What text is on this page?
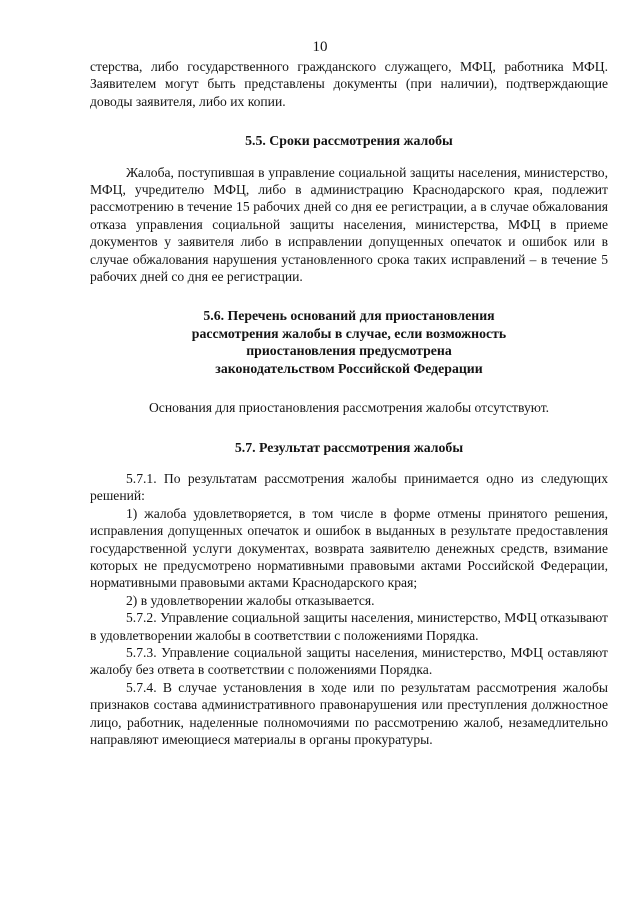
10

стерства, либо государственного гражданского служащего, МФЦ, работника МФЦ. Заявителем могут быть представлены документы (при наличии), подтверждающие доводы заявителя, либо их копии.

5.5. Сроки рассмотрения жалобы

Жалоба, поступившая в управление социальной защиты населения, министерство, МФЦ, учредителю МФЦ, либо в администрацию Краснодарского края, подлежит рассмотрению в течение 15 рабочих дней со дня ее регистрации, а в случае обжалования отказа управления социальной защиты населения, министерства, МФЦ в приеме документов у заявителя либо в исправлении допущенных опечаток и ошибок или в случае обжалования нарушения установленного срока таких исправлений – в течение 5 рабочих дней со дня ее регистрации.

5.6. Перечень оснований для приостановления

рассмотрения жалобы в случае, если возможность

приостановления предусмотрена

законодательством Российской Федерации

Основания для приостановления рассмотрения жалобы отсутствуют.

5.7. Результат рассмотрения жалобы

5.7.1. По результатам рассмотрения жалобы принимается одно из следующих решений:

1) жалоба удовлетворяется, в том числе в форме отмены принятого решения, исправления допущенных опечаток и ошибок в выданных в результате предоставления государственной услуги документах, возврата заявителю денежных средств, взимание которых не предусмотрено нормативными правовыми актами Российской Федерации, нормативными правовыми актами Краснодарского края;

2) в удовлетворении жалобы отказывается.

5.7.2. Управление социальной защиты населения, министерство, МФЦ отказывают в удовлетворении жалобы в соответствии с положениями Порядка.

5.7.3. Управление социальной защиты населения, министерство, МФЦ оставляют жалобу без ответа в соответствии с положениями Порядка.

5.7.4. В случае установления в ходе или по результатам рассмотрения жалобы признаков состава административного правонарушения или преступления должностное лицо, работник, наделенные полномочиями по рассмотрению жалоб, незамедлительно направляют имеющиеся материалы в органы прокуратуры.
